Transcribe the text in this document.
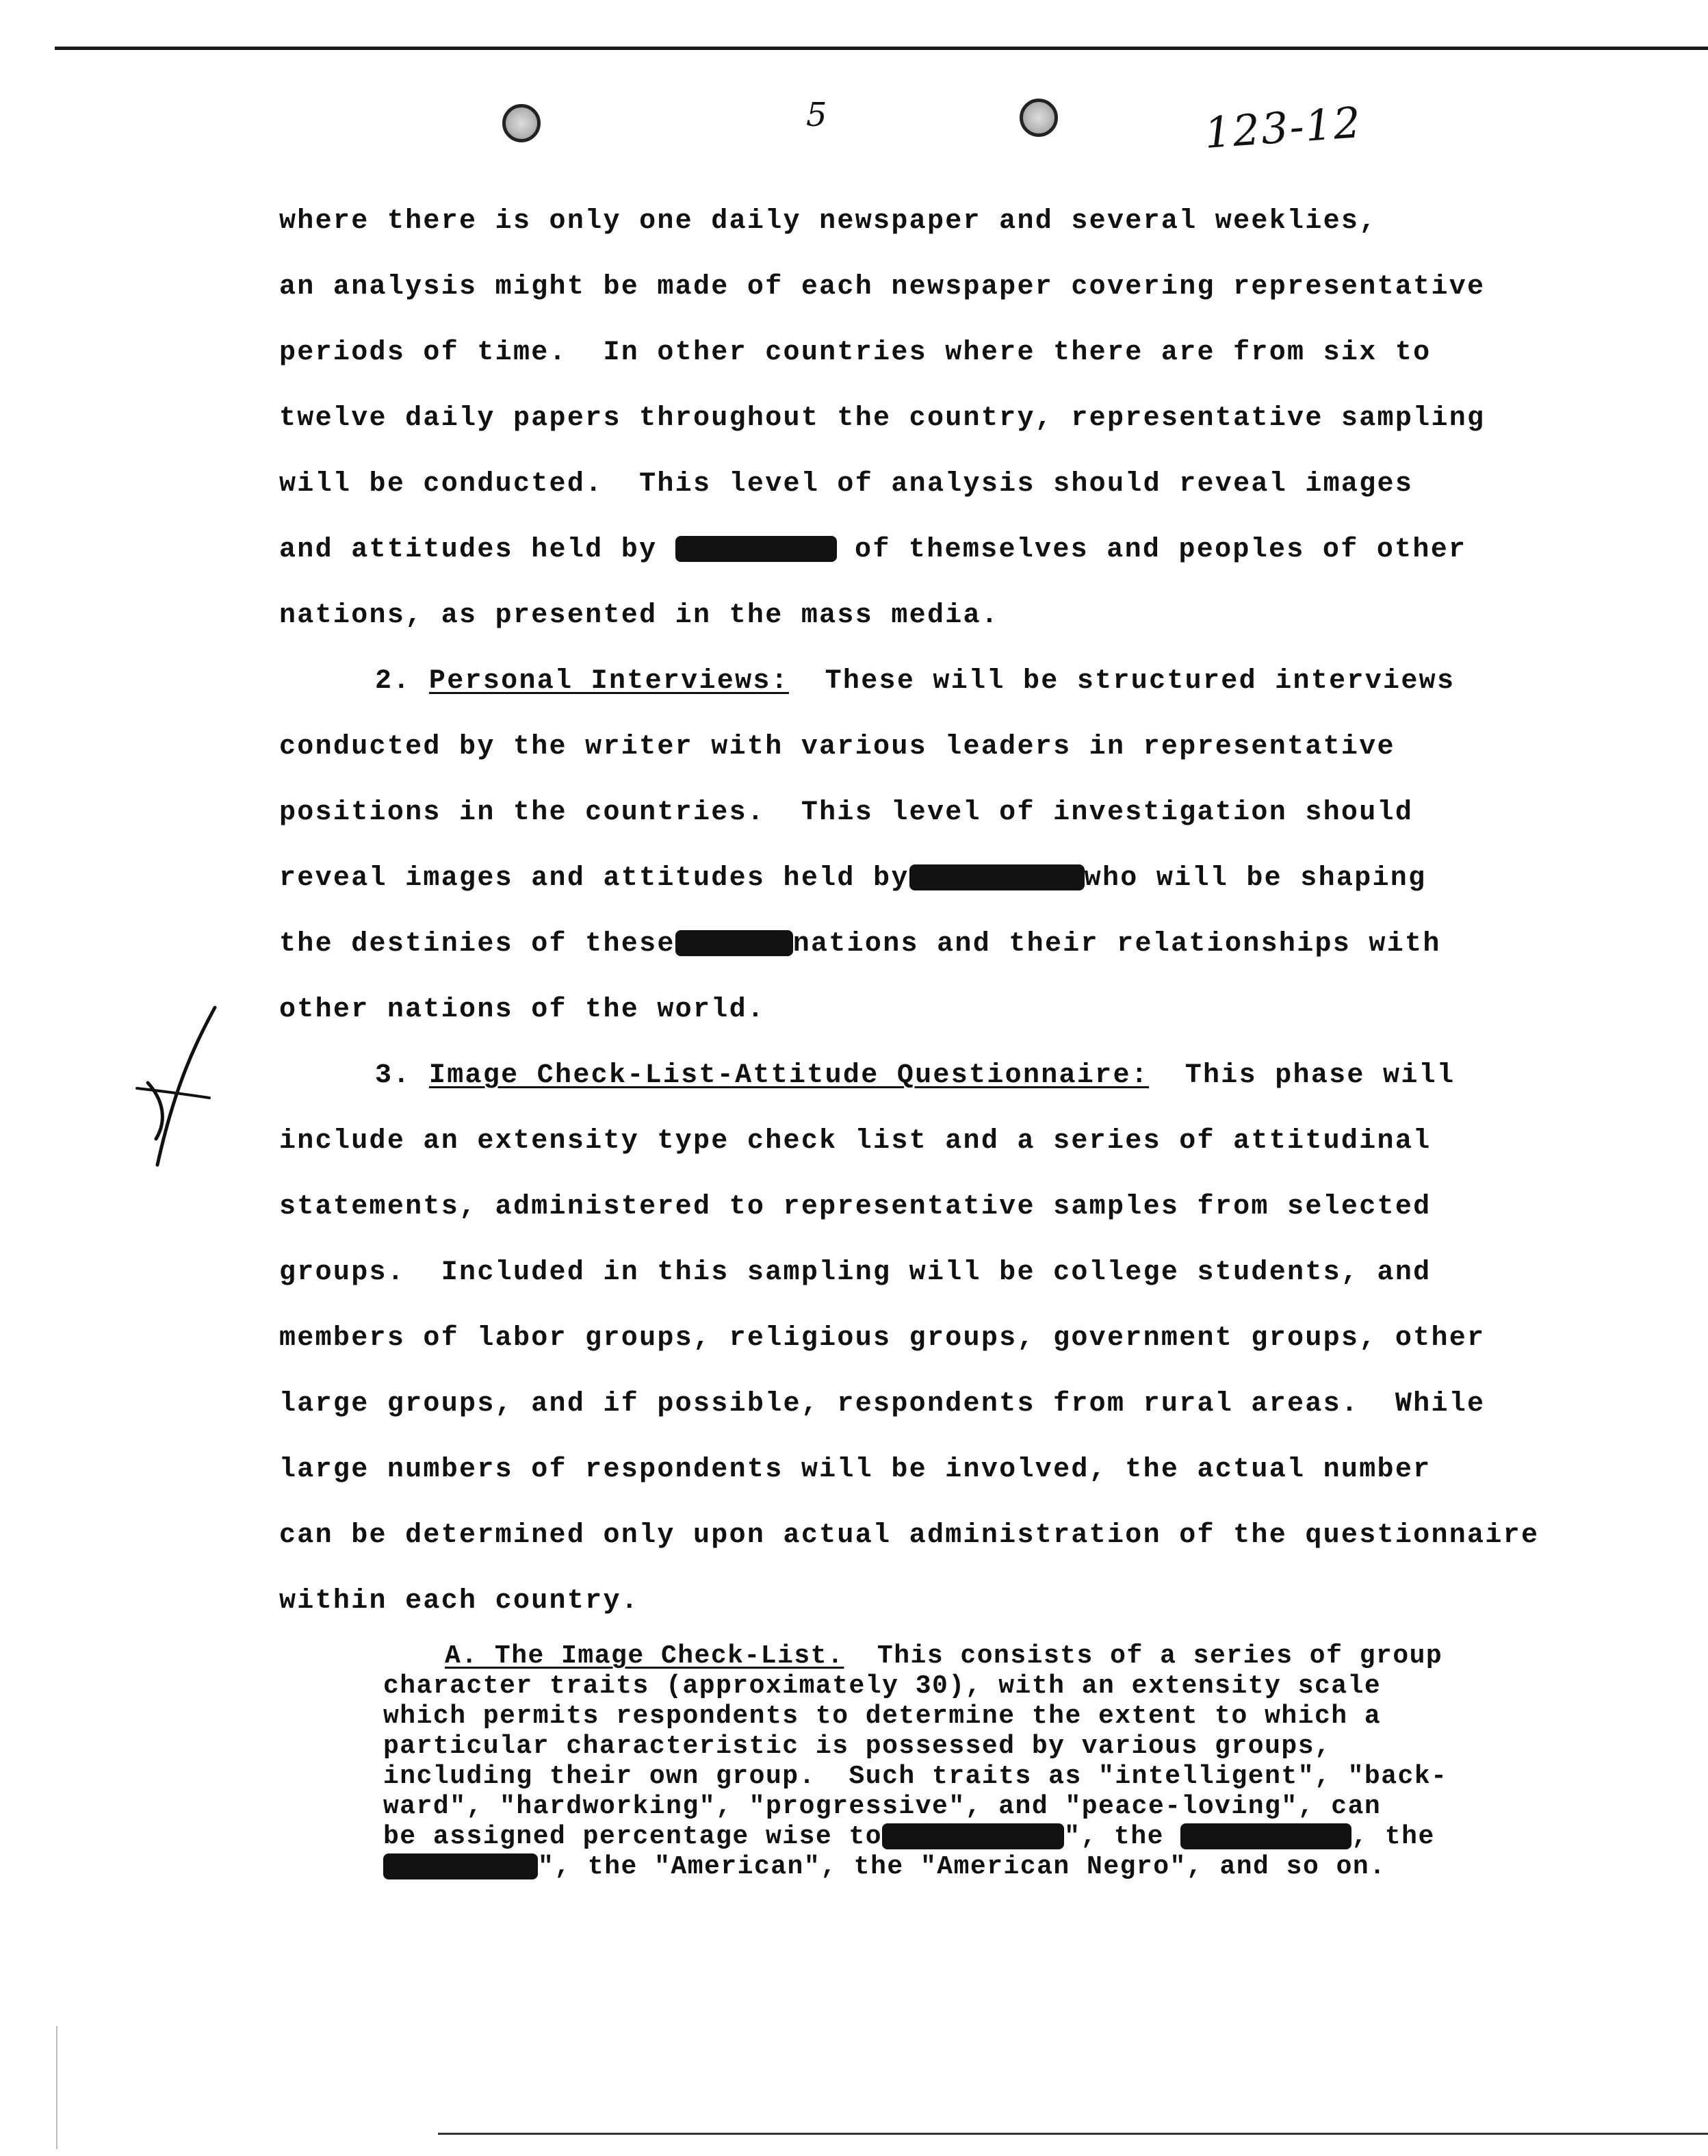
5	123-12
where there is only one daily newspaper and several weeklies,
an analysis might be made of each newspaper covering representative
periods of time.  In other countries where there are from six to
twelve daily papers throughout the country, representative sampling
will be conducted.  This level of analysis should reveal images
and attitudes held by	of themselves and peoples of other
nations, as presented in the mass media.
2. Personal Interviews: These will be structured interviews
conducted by the writer with various leaders in representative
positions in the countries.  This level of investigation should
reveal images and attitudes held by	who will be shaping
the destinies of these	nations and their relationships with
other nations of the world.
3. Image Check-List-Attitude Questionnaire: This phase will
include an extensity type check list and a series of attitudinal
statements, administered to representative samples from selected
groups.  Included in this sampling will be college students, and
members of labor groups, religious groups, government groups, other
large groups, and if possible, respondents from rural areas.  While
large numbers of respondents will be involved, the actual number
can be determined only upon actual administration of the questionnaire
within each country.
A. The Image Check-List. This consists of a series of group
character traits (approximately 30), with an extensity scale
which permits respondents to determine the extent to which a
particular characteristic is possessed by various groups,
including their own group.  Such traits as "intelligent", "back-
ward", "hardworking", "progressive", and "peace-loving", can
be assigned percentage wise to	", the	, the
", the "American", the "American Negro", and so on.
